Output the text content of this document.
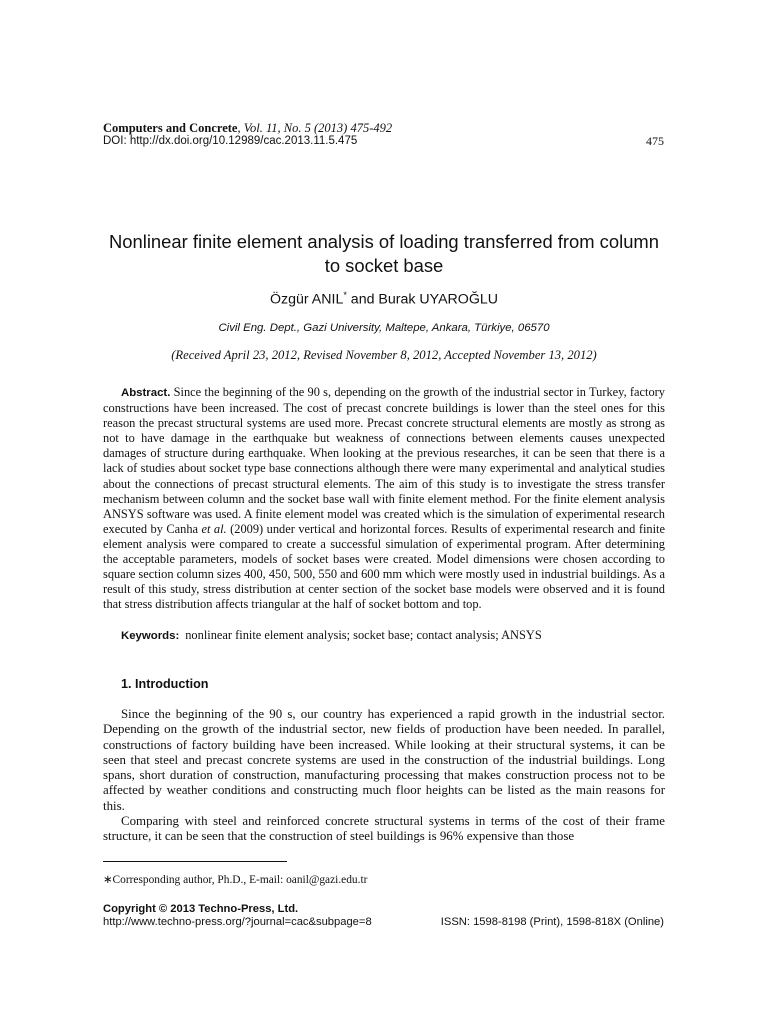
Computers and Concrete, Vol. 11, No. 5 (2013) 475-492
DOI: http://dx.doi.org/10.12989/cac.2013.11.5.475	475
Nonlinear finite element analysis of loading transferred from column to socket base
Özgür ANIL* and Burak UYAROĞLU
Civil Eng. Dept., Gazi University, Maltepe, Ankara, Türkiye, 06570
(Received April 23, 2012, Revised November 8, 2012, Accepted November 13, 2012)
Abstract. Since the beginning of the 90 s, depending on the growth of the industrial sector in Turkey, factory constructions have been increased. The cost of precast concrete buildings is lower than the steel ones for this reason the precast structural systems are used more. Precast concrete structural elements are mostly as strong as not to have damage in the earthquake but weakness of connections between elements causes unexpected damages of structure during earthquake. When looking at the previous researches, it can be seen that there is a lack of studies about socket type base connections although there were many experimental and analytical studies about the connections of precast structural elements. The aim of this study is to investigate the stress transfer mechanism between column and the socket base wall with finite element method. For the finite element analysis ANSYS software was used. A finite element model was created which is the simulation of experimental research executed by Canha et al. (2009) under vertical and horizontal forces. Results of experimental research and finite element analysis were compared to create a successful simulation of experimental program. After determining the acceptable parameters, models of socket bases were created. Model dimensions were chosen according to square section column sizes 400, 450, 500, 550 and 600 mm which were mostly used in industrial buildings. As a result of this study, stress distribution at center section of the socket base models were observed and it is found that stress distribution affects triangular at the half of socket bottom and top.
Keywords: nonlinear finite element analysis; socket base; contact analysis; ANSYS
1. Introduction

Since the beginning of the 90 s, our country has experienced a rapid growth in the industrial sector. Depending on the growth of the industrial sector, new fields of production have been needed. In parallel, constructions of factory building have been increased. While looking at their structural systems, it can be seen that steel and precast concrete systems are used in the construction of the industrial buildings. Long spans, short duration of construction, manufacturing processing that makes construction process not to be affected by weather conditions and constructing much floor heights can be listed as the main reasons for this.

Comparing with steel and reinforced concrete structural systems in terms of the cost of their frame structure, it can be seen that the construction of steel buildings is 96% expensive than those

∗Corresponding author, Ph.D., E-mail: oanil@gazi.edu.tr
Copyright © 2013 Techno-Press, Ltd.
http://www.techno-press.org/?journal=cac&subpage=8	ISSN: 1598-8198 (Print), 1598-818X (Online)
